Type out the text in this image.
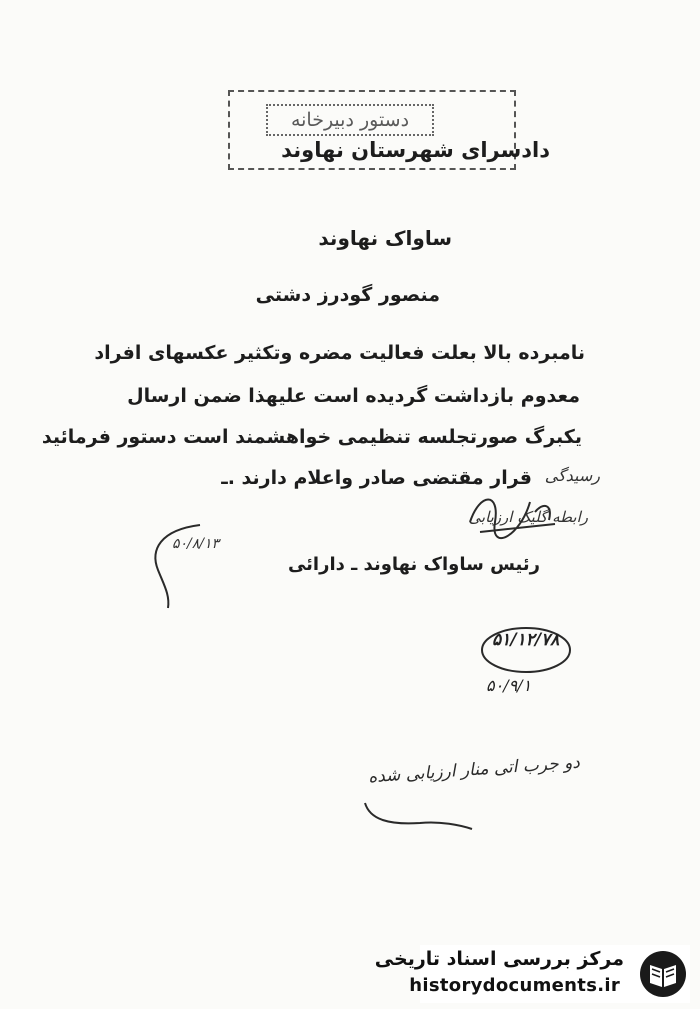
دستور دبیرخانه
دادسرای شهرستان نهاوند
ساواک نهاوند
منصور گودرز دشتی
نامبرده بالا بعلت فعالیت مضره وتکثیر عکسهای افراد
معدوم بازداشت گردیده است علیهذا ضمن ارسال
یکبرگ صورتجلسه تنظیمی خواهشمند است دستور فرمائید
قرار مقتضی صادر واعلام دارند .ـ رسیدگی
رابطه گلیک ارزیابی
۵۰/۸/۱۳
رئیس ساواک نهاوند ـ دارائی
۵۱/۱۲/۷۸
۵۰/۹/۱
دو جرب اتی منار ارزیابی شده
مرکز بررسی اسناد تاریخی
historydocuments.ir
